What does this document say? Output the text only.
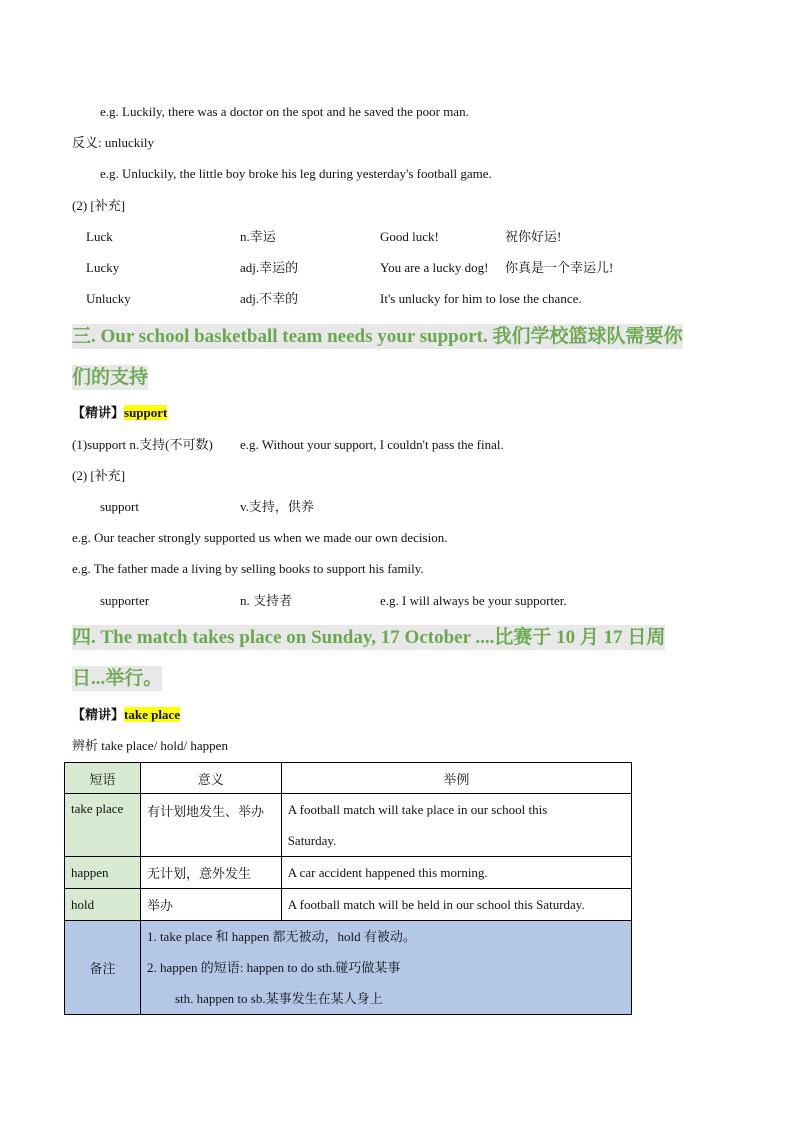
e.g. Luckily, there was a doctor on the spot and he saved the poor man.
反义: unluckily
e.g. Unluckily, the little boy broke his leg during yesterday's football game.
(2) [补充]
Luck	n.幸运	Good luck!	祝你好运!
Lucky	adj.幸运的	You are a lucky dog! 你真是一个幸运儿!
Unlucky	adj.不幸的	It's unlucky for him to lose the chance.
三. Our school basketball team needs your support. 我们学校篮球队需要你
们的支持
【精讲】support
(1)support n.支持(不可数) e.g. Without your support, I couldn't pass the final.
(2) [补充]
support	v.支持，供养
e.g. Our teacher strongly supported us when we made our own decision.
e.g. The father made a living by selling books to support his family.
supporter	n. 支持者	e.g. I will always be your supporter.
四. The match takes place on Sunday, 17 October ....比赛于 10 月 17 日周
日...举行。
【精讲】take place
辨析 take place/ hold/ happen
短语	意义	举例
take place	有计划地发生、举办	A football match will take place in our school this
Saturday.

happen	无计划，意外发生	A car accident happened this morning.
hold	举办	A football match will be held in our school this Saturday.
备注	1. take place 和 happen 都无被动，hold 有被动。
2. happen 的短语: happen to do sth.碰巧做某事
sth. happen to sb.某事发生在某人身上	
